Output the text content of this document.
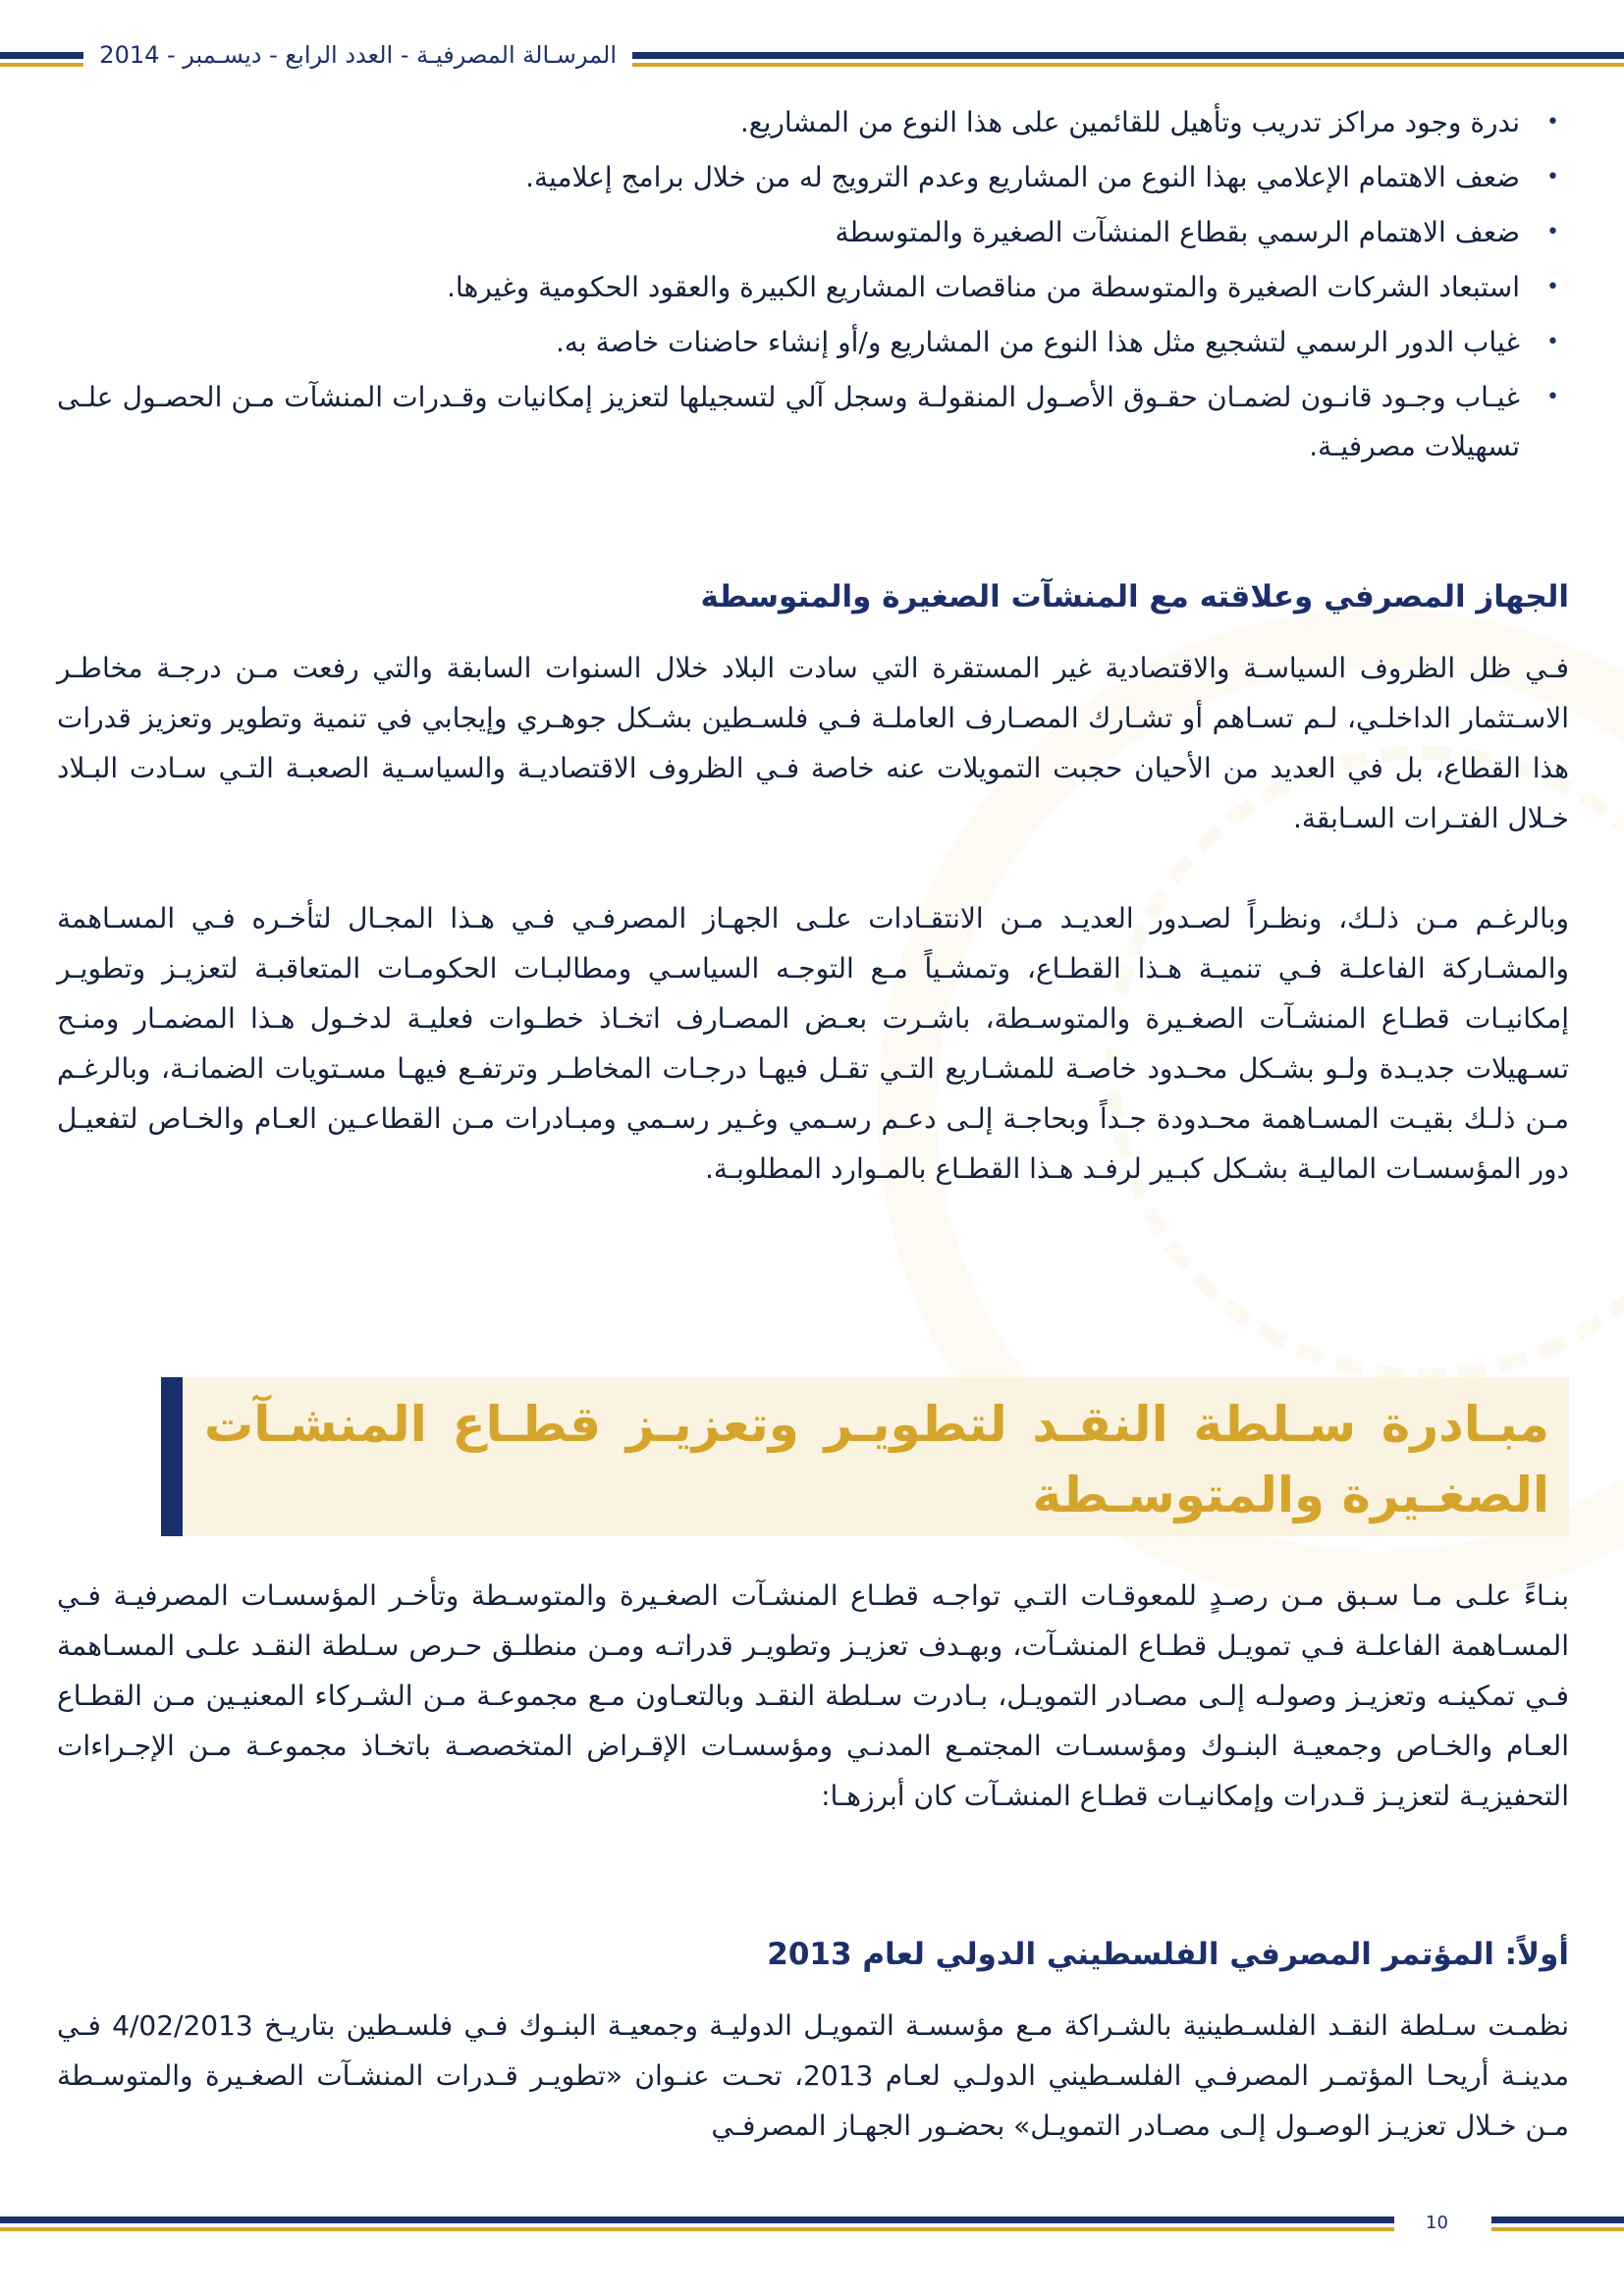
المرسـالة المصرفيـة - العدد الرابع - ديسـمبر - 2014
•
ندرة وجود مراكز تدريب وتأهيل للقائمين على هذا النوع من المشاريع.
•
ضعف الاهتمام الإعلامي بهذا النوع من المشاريع وعدم الترويج له من خلال برامج إعلامية.
•
ضعف الاهتمام الرسمي بقطاع المنشآت الصغيرة والمتوسطة
•
استبعاد الشركات الصغيرة والمتوسطة من مناقصات المشاريع الكبيرة والعقود الحكومية وغيرها.
•
غياب الدور الرسمي لتشجيع مثل هذا النوع من المشاريع و/أو إنشاء حاضنات خاصة به.
•
غيـاب وجـود قانـون لضمـان حقـوق الأصـول المنقولـة وسجل آلي لتسجيلها لتعزيز إمكانيات وقـدرات المنشآت مـن الحصـول علـى تسهيلات مصرفيـة.
الجهاز المصرفي وعلاقته مع المنشآت الصغيرة والمتوسطة

فـي ظل الظروف السياسـة والاقتصادية غير المستقرة التي سادت البلاد خلال السنوات السابقة والتي رفعت مـن درجـة مخاطـر الاسـتثمار الداخلـي، لـم تسـاهم أو تشـارك المصـارف العاملـة فـي فلسـطين بشـكل جوهـري وإيجابي في تنمية وتطوير وتعزيز قدرات هذا القطاع، بل في العديد من الأحيان حجبت التمويلات عنه خاصة فـي الظروف الاقتصاديـة والسياسـية الصعبـة التـي سـادت البـلاد خـلال الفتـرات السـابقة.

وبالرغـم مـن ذلـك، ونظـراً لصـدور العديـد مـن الانتقـادات علـى الجهـاز المصرفـي فـي هـذا المجـال لتأخـره فـي المسـاهمة والمشـاركة الفاعلـة فـي تنميـة هـذا القطـاع، وتمشـياً مـع التوجـه السياسـي ومطالبـات الحكومـات المتعاقبـة لتعزيـز وتطويـر إمكانيـات قطـاع المنشـآت الصغـيرة والمتوسـطة، باشـرت بعـض المصـارف اتخـاذ خطـوات فعليـة لدخـول هـذا المضمـار ومنـح تسـهيلات جديـدة ولـو بشـكل محـدود خاصـة للمشـاريع التـي تقـل فيهـا درجـات المخاطـر وترتفـع فيهـا مسـتويات الضمانـة، وبالرغـم مـن ذلـك بقيـت المسـاهمة محـدودة جـداً وبحاجـة إلـى دعـم رسـمي وغـير رسـمي ومبـادرات مـن القطاعـين العـام والخـاص لتفعيـل دور المؤسسـات الماليـة بشـكل كبـير لرفـد هـذا القطـاع بالمـوارد المطلوبـة.

مبـادرة سـلطة النقـد لتطويـر وتعزيـز قطـاع المنشـآت الصغـيرة والمتوسـطة

بنـاءً علـى مـا سـبق مـن رصـدٍ للمعوقـات التـي تواجـه قطـاع المنشـآت الصغـيرة والمتوسـطة وتأخـر المؤسسـات المصرفيـة فـي المسـاهمة الفاعلـة فـي تمويـل قطـاع المنشـآت، وبهـدف تعزيـز وتطويـر قدراتـه ومـن منطلـق حـرص سـلطة النقـد علـى المسـاهمة فـي تمكينـه وتعزيـز وصولـه إلـى مصـادر التمويـل، بـادرت سـلطة النقـد وبالتعـاون مـع مجموعـة مـن الشـركاء المعنيـين مـن القطـاع العـام والخـاص وجمعيـة البنـوك ومؤسسـات المجتمـع المدنـي ومؤسسـات الإقـراض المتخصصـة باتخـاذ مجموعـة مـن الإجـراءات التحفيزيـة لتعزيـز قـدرات وإمكانيـات قطـاع المنشـآت كان أبرزهـا:

أولاً: المؤتمر المصرفي الفلسطيني الدولي لعام 2013

نظمـت سـلطة النقـد الفلسـطينية بالشـراكة مـع مؤسسـة التمويـل الدوليـة وجمعيـة البنـوك فـي فلسـطين بتاريـخ 4/02/2013 فـي مدينـة أريحـا المؤتمـر المصرفـي الفلسـطيني الدولـي لعـام 2013، تحـت عنـوان «تطويـر قـدرات المنشـآت الصغـيرة والمتوسـطة مـن خـلال تعزيـز الوصـول إلـى مصـادر التمويـل» بحضـور الجهـاز المصرفـي

10
